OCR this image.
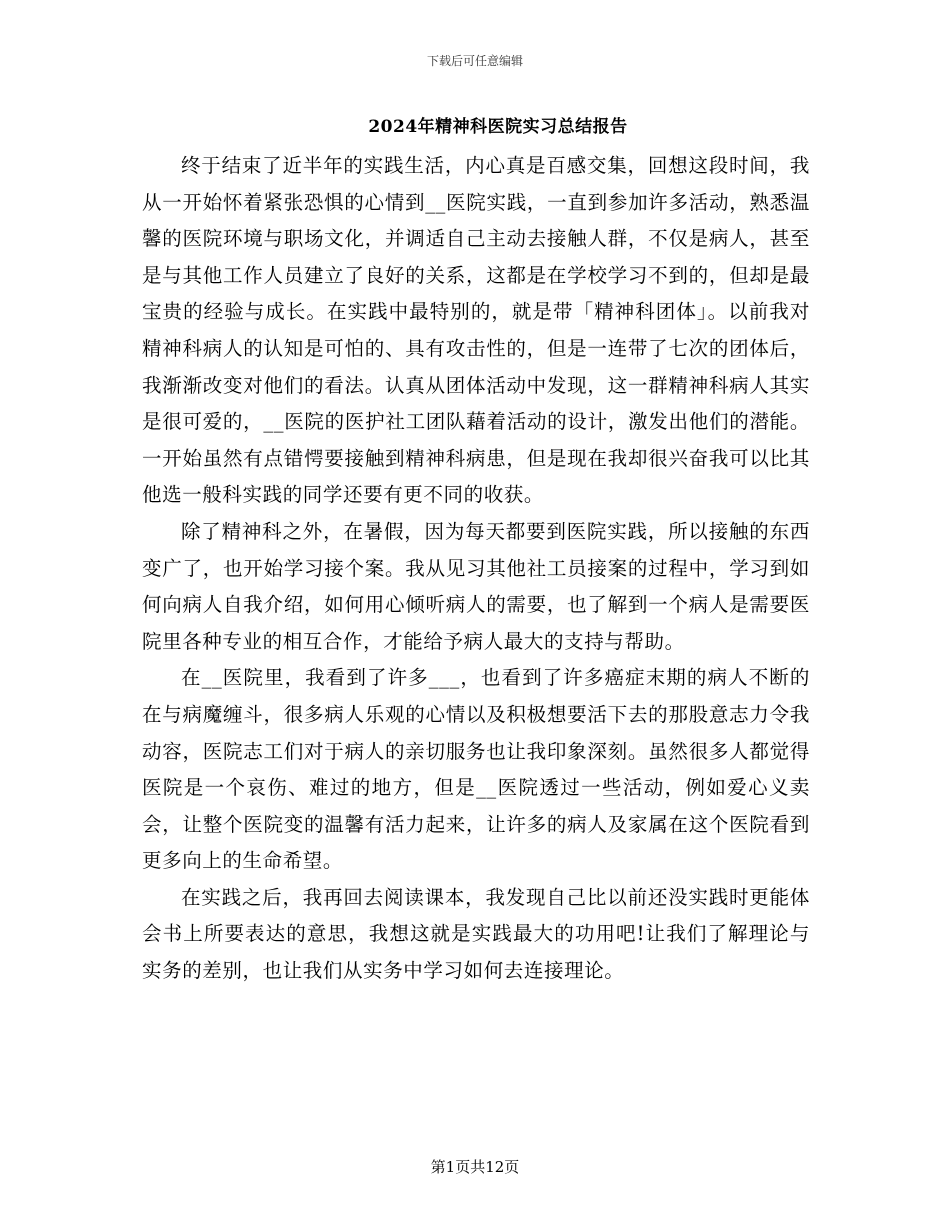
下载后可任意编辑
2024年精神科医院实习总结报告

终于结束了近半年的实践生活，内心真是百感交集，回想这段时间，我从一开始怀着紧张恐惧的心情到__医院实践，一直到参加许多活动，熟悉温馨的医院环境与职场文化，并调适自己主动去接触人群，不仅是病人，甚至是与其他工作人员建立了良好的关系，这都是在学校学习不到的，但却是最宝贵的经验与成长。在实践中最特别的，就是带「精神科团体」。以前我对精神科病人的认知是可怕的、具有攻击性的，但是一连带了七次的团体后，我渐渐改变对他们的看法。认真从团体活动中发现，这一群精神科病人其实是很可爱的，__医院的医护社工团队藉着活动的设计，激发出他们的潜能。一开始虽然有点错愕要接触到精神科病患，但是现在我却很兴奋我可以比其他选一般科实践的同学还要有更不同的收获。

除了精神科之外，在暑假，因为每天都要到医院实践，所以接触的东西变广了，也开始学习接个案。我从见习其他社工员接案的过程中，学习到如何向病人自我介绍，如何用心倾听病人的需要，也了解到一个病人是需要医院里各种专业的相互合作，才能给予病人最大的支持与帮助。

在__医院里，我看到了许多___，也看到了许多癌症末期的病人不断的在与病魔缠斗，很多病人乐观的心情以及积极想要活下去的那股意志力令我动容，医院志工们对于病人的亲切服务也让我印象深刻。虽然很多人都觉得医院是一个哀伤、难过的地方，但是__医院透过一些活动，例如爱心义卖会，让整个医院变的温馨有活力起来，让许多的病人及家属在这个医院看到更多向上的生命希望。

在实践之后，我再回去阅读课本，我发现自己比以前还没实践时更能体会书上所要表达的意思，我想这就是实践最大的功用吧!让我们了解理论与实务的差别，也让我们从实务中学习如何去连接理论。

第1页共12页
